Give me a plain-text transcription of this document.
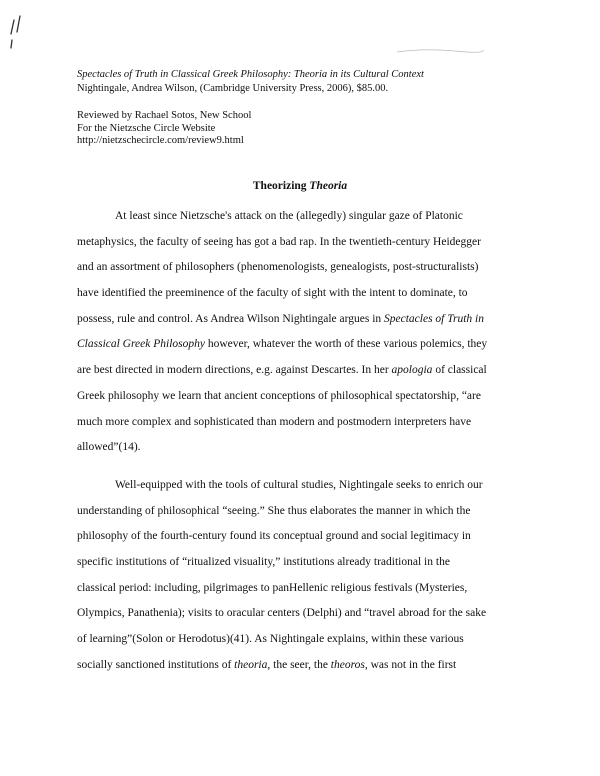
Spectacles of Truth in Classical Greek Philosophy: Theoria in its Cultural Context
Nightingale, Andrea Wilson, (Cambridge University Press, 2006), $85.00.
Reviewed by Rachael Sotos, New School
For the Nietzsche Circle Website
http://nietzschecircle.com/review9.html
Theorizing Theoria
At least since Nietzsche's attack on the (allegedly) singular gaze of Platonic
metaphysics, the faculty of seeing has got a bad rap. In the twentieth-century Heidegger
and an assortment of philosophers (phenomenologists, genealogists, post-structuralists)
have identified the preeminence of the faculty of sight with the intent to dominate, to
possess, rule and control. As Andrea Wilson Nightingale argues in Spectacles of Truth in
Classical Greek Philosophy however, whatever the worth of these various polemics, they
are best directed in modern directions, e.g. against Descartes. In her apologia of classical
Greek philosophy we learn that ancient conceptions of philosophical spectatorship, “are
much more complex and sophisticated than modern and postmodern interpreters have
allowed”(14).
Well-equipped with the tools of cultural studies, Nightingale seeks to enrich our
understanding of philosophical “seeing.” She thus elaborates the manner in which the
philosophy of the fourth-century found its conceptual ground and social legitimacy in
specific institutions of “ritualized visuality,” institutions already traditional in the
classical period: including, pilgrimages to panHellenic religious festivals (Mysteries,
Olympics, Panathenia); visits to oracular centers (Delphi) and “travel abroad for the sake
of learning”(Solon or Herodotus)(41). As Nightingale explains, within these various
socially sanctioned institutions of theoria, the seer, the theoros, was not in the first
